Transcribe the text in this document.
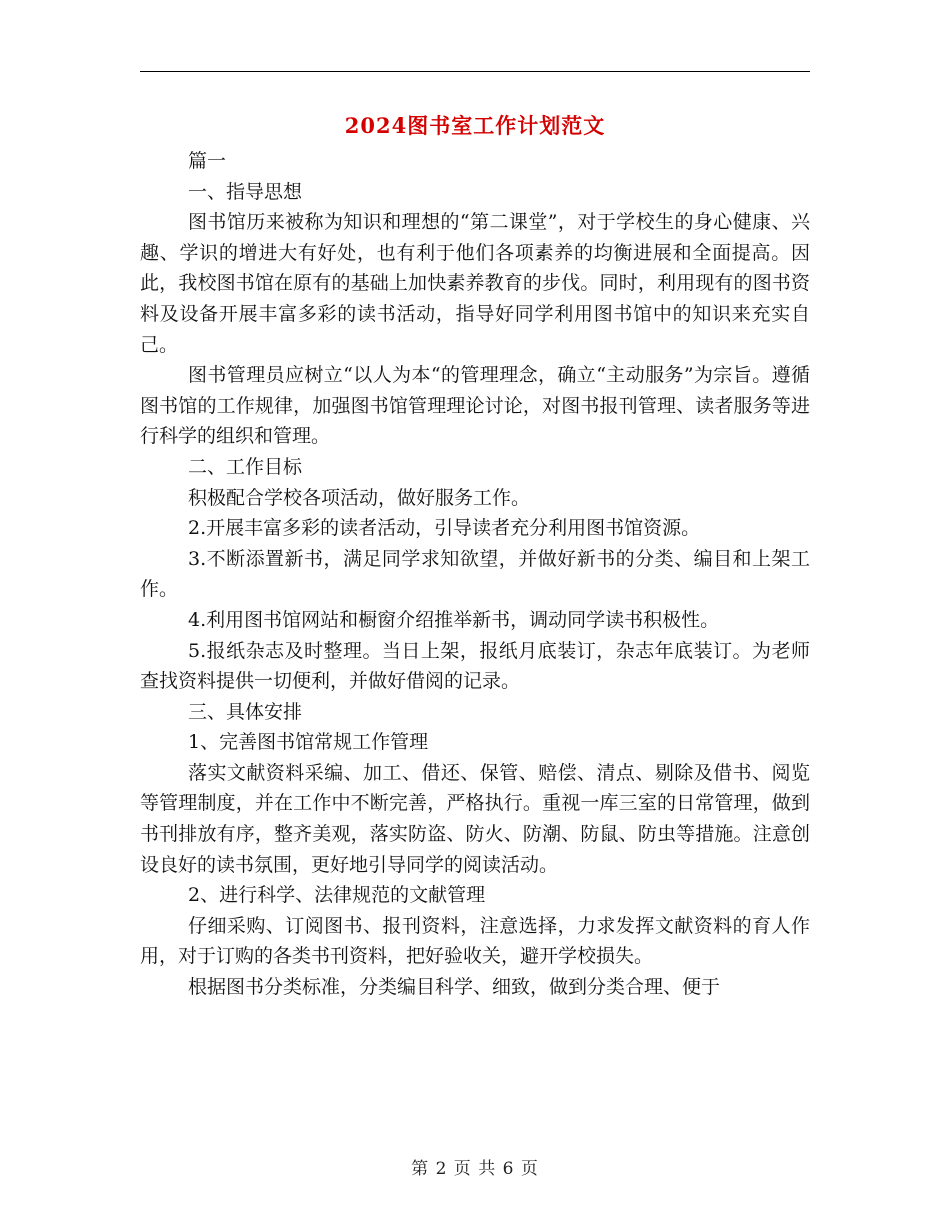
2024图书室工作计划范文

篇一

一、指导思想

图书馆历来被称为知识和理想的“第二课堂”，对于学校生的身心健康、兴趣、学识的增进大有好处，也有利于他们各项素养的均衡进展和全面提高。因此，我校图书馆在原有的基础上加快素养教育的步伐。同时，利用现有的图书资料及设备开展丰富多彩的读书活动，指导好同学利用图书馆中的知识来充实自己。

图书管理员应树立“以人为本“的管理理念，确立“主动服务”为宗旨。遵循图书馆的工作规律，加强图书馆管理理论讨论，对图书报刊管理、读者服务等进行科学的组织和管理。

二、工作目标

积极配合学校各项活动，做好服务工作。

2.开展丰富多彩的读者活动，引导读者充分利用图书馆资源。

3.不断添置新书，满足同学求知欲望，并做好新书的分类、编目和上架工作。

4.利用图书馆网站和橱窗介绍推举新书，调动同学读书积极性。

5.报纸杂志及时整理。当日上架，报纸月底装订，杂志年底装订。为老师查找资料提供一切便利，并做好借阅的记录。

三、具体安排

1、完善图书馆常规工作管理

落实文献资料采编、加工、借还、保管、赔偿、清点、剔除及借书、阅览等管理制度，并在工作中不断完善，严格执行。重视一库三室的日常管理，做到书刊排放有序，整齐美观，落实防盗、防火、防潮、防鼠、防虫等措施。注意创设良好的读书氛围，更好地引导同学的阅读活动。

2、进行科学、法律规范的文献管理

仔细采购、订阅图书、报刊资料，注意选择，力求发挥文献资料的育人作用，对于订购的各类书刊资料，把好验收关，避开学校损失。

根据图书分类标准，分类编目科学、细致，做到分类合理、便于

第 2 页 共 6 页
